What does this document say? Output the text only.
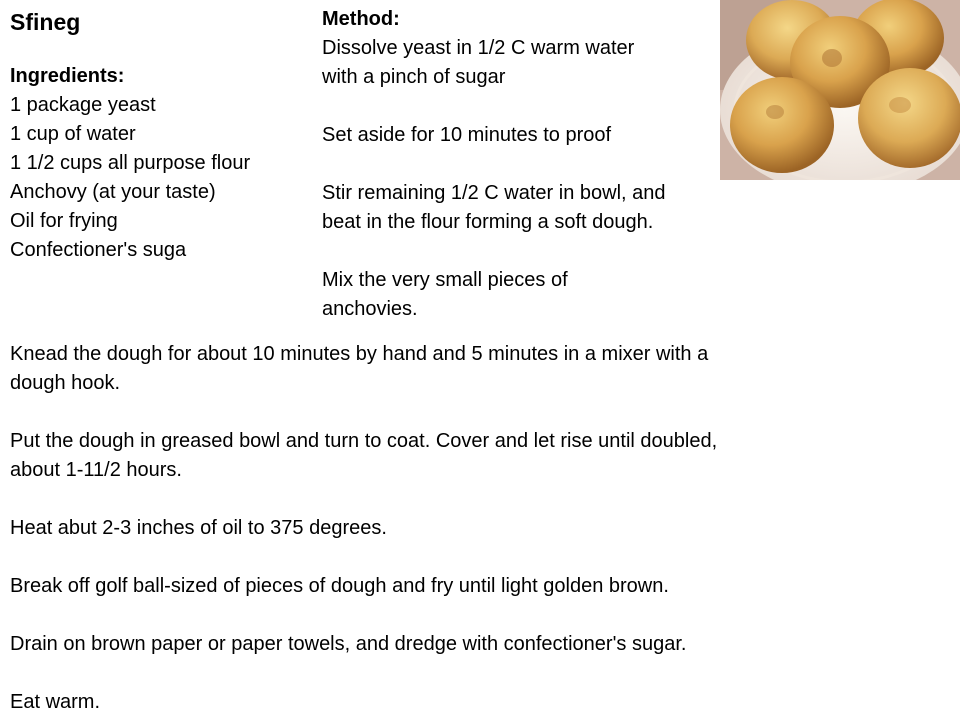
Sfineg
Ingredients:
1 package yeast
1 cup of water
1 1/2 cups all purpose flour
Anchovy (at your taste)
Oil for frying
Confectioner's suga
Method:
Dissolve yeast in 1/2 C warm water
with a pinch of sugar
Set aside for 10 minutes to proof
Stir remaining 1/2 C water in bowl, and
beat in the flour forming a soft dough.
Mix the very small pieces of
anchovies.
Knead the dough for about 10 minutes by hand and 5 minutes in a mixer with a
dough hook.
Put the dough in greased bowl and turn to coat. Cover and let rise until doubled,
about 1-11/2 hours.
Heat abut 2-3 inches of oil to 375 degrees.
Break off golf ball-sized of pieces of dough and fry until light golden brown.
Drain on brown paper or paper towels, and dredge with confectioner's sugar.
Eat warm.
